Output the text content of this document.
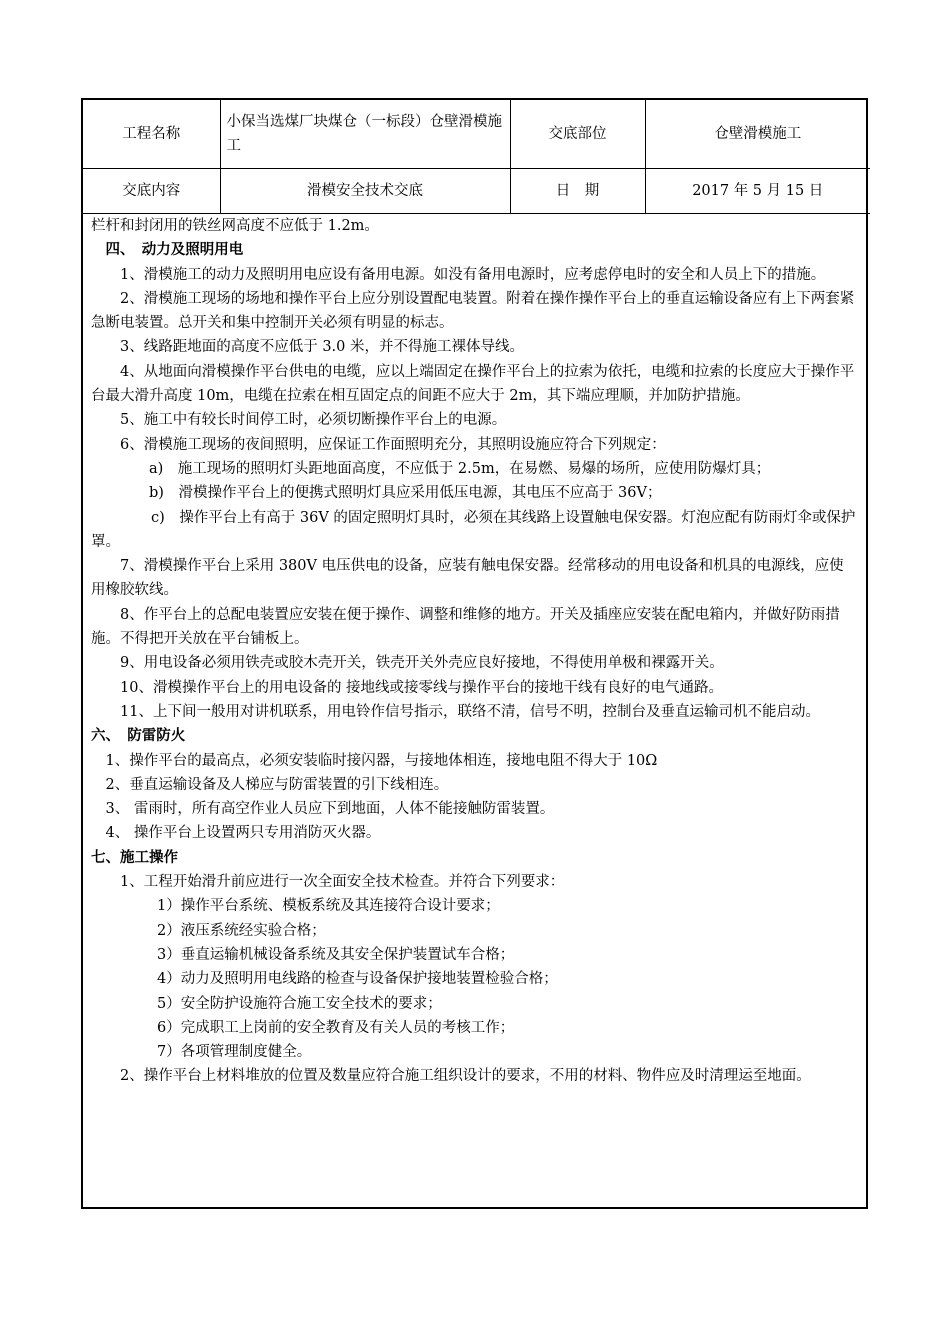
工程名称	小保当选煤厂块煤仓（一标段）仓壁滑模施工	交底部位	仓壁滑模施工
交底内容	滑模安全技术交底	日　期	2017 年 5 月 15 日

栏杆和封闭用的铁丝网高度不应低于 1.2m。

四、　动力及照明用电

1、滑模施工的动力及照明用电应设有备用电源。如没有备用电源时，应考虑停电时的安全和人员上下的措施。

2、滑模施工现场的场地和操作平台上应分别设置配电装置。附着在操作操作平台上的垂直运输设备应有上下两套紧急断电装置。总开关和集中控制开关必须有明显的标志。

3、线路距地面的高度不应低于 3.0 米，并不得施工裸体导线。

4、从地面向滑模操作平台供电的电缆，应以上端固定在操作平台上的拉索为依托，电缆和拉索的长度应大于操作平台最大滑升高度 10m，电缆在拉索在相互固定点的间距不应大于 2m，其下端应理顺，并加防护措施。

5、施工中有较长时间停工时，必须切断操作平台上的电源。

6、滑模施工现场的夜间照明，应保证工作面照明充分，其照明设施应符合下列规定：

a)　施工现场的照明灯头距地面高度，不应低于 2.5m，在易燃、易爆的场所，应使用防爆灯具；

b)　滑模操作平台上的便携式照明灯具应采用低压电源，其电压不应高于 36V；

c)　操作平台上有高于 36V 的固定照明灯具时，必须在其线路上设置触电保安器。灯泡应配有防雨灯伞或保护罩。

7、滑模操作平台上采用 380V 电压供电的设备，应装有触电保安器。经常移动的用电设备和机具的电源线，应使用橡胶软线。

8、作平台上的总配电装置应安装在便于操作、调整和维修的地方。开关及插座应安装在配电箱内，并做好防雨措施。不得把开关放在平台铺板上。

9、用电设备必须用铁壳或胶木壳开关，铁壳开关外壳应良好接地，不得使用单极和裸露开关。

10、滑模操作平台上的用电设备的 接地线或接零线与操作平台的接地干线有良好的电气通路。

11、上下间一般用对讲机联系，用电铃作信号指示，联络不清，信号不明，控制台及垂直运输司机不能启动。

六、　防雷防火

1、操作平台的最高点，必须安装临时接闪器，与接地体相连，接地电阻不得大于 10Ω

2、垂直运输设备及人梯应与防雷装置的引下线相连。

3、 雷雨时，所有高空作业人员应下到地面，人体不能接触防雷装置。

4、 操作平台上设置两只专用消防灭火器。

七、施工操作

1、工程开始滑升前应进行一次全面安全技术检查。并符合下列要求：

1）操作平台系统、模板系统及其连接符合设计要求；

2）液压系统经实验合格；

3）垂直运输机械设备系统及其安全保护装置试车合格；

4）动力及照明用电线路的检查与设备保护接地装置检验合格；

5）安全防护设施符合施工安全技术的要求；

6）完成职工上岗前的安全教育及有关人员的考核工作；

7）各项管理制度健全。

2、操作平台上材料堆放的位置及数量应符合施工组织设计的要求，不用的材料、物件应及时清理运至地面。
